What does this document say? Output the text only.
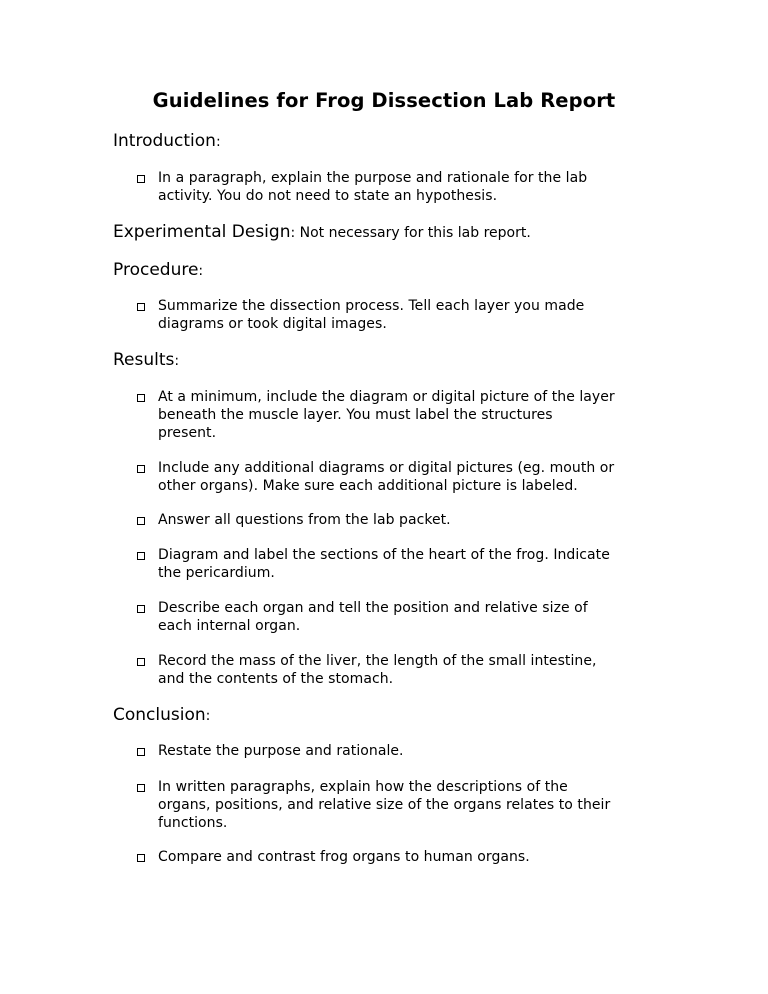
Guidelines for Frog Dissection Lab Report
Introduction:
In a paragraph, explain the purpose and rationale for the lab
activity. You do not need to state an hypothesis.
Experimental Design: Not necessary for this lab report.
Procedure:
Summarize the dissection process. Tell each layer you made
diagrams or took digital images.
Results:
At a minimum, include the diagram or digital picture of the layer
beneath the muscle layer. You must label the structures
present.
Include any additional diagrams or digital pictures (eg. mouth or
other organs). Make sure each additional picture is labeled.
Answer all questions from the lab packet.
Diagram and label the sections of the heart of the frog. Indicate
the pericardium.
Describe each organ and tell the position and relative size of
each internal organ.
Record the mass of the liver, the length of the small intestine,
and the contents of the stomach.
Conclusion:
Restate the purpose and rationale.
In written paragraphs, explain how the descriptions of the
organs, positions, and relative size of the organs relates to their
functions.
Compare and contrast frog organs to human organs.
